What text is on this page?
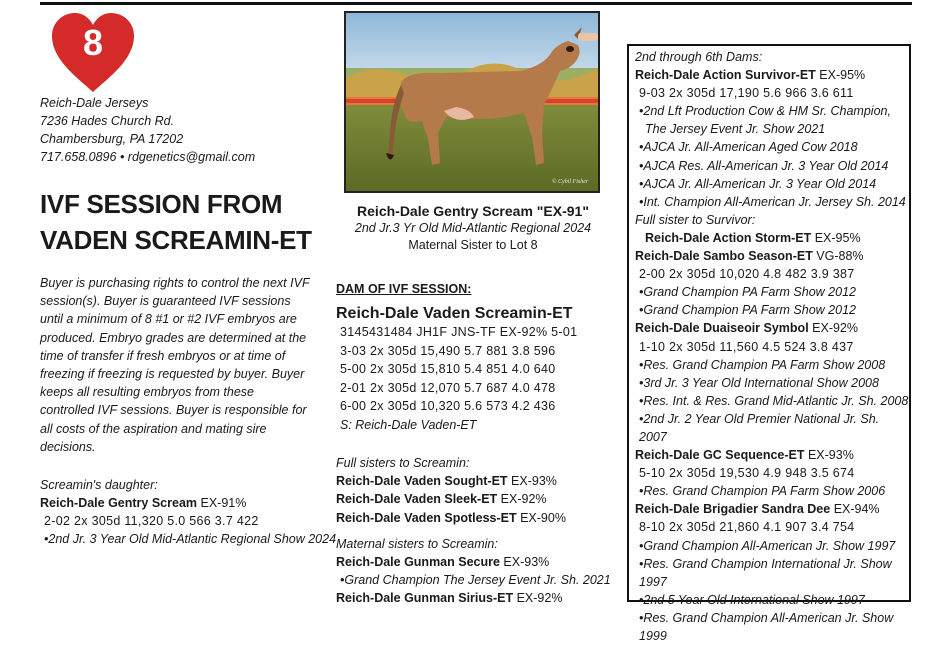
8
Reich-Dale Jerseys
7236 Hades Church Rd.
Chambersburg, PA 17202
717.658.0896 • rdgenetics@gmail.com
IVF SESSION FROM
VADEN SCREAMIN-ET
Buyer is purchasing rights to control the next IVF session(s). Buyer is guaranteed IVF sessions until a minimum of 8 #1 or #2 IVF embryos are produced. Embryo grades are determined at the time of transfer if fresh embryos or at time of freezing if freezing is requested by buyer. Buyer keeps all resulting embryos from these controlled IVF sessions. Buyer is responsible for all costs of the aspiration and mating sire decisions.
Screamin's daughter:
Reich-Dale Gentry Scream EX-91%
2-02 2x 305d 11,320 5.0 566 3.7 422
•2nd Jr. 3 Year Old Mid-Atlantic Regional Show 2024
© Cybil Fisher
Reich-Dale Gentry Scream "EX-91"
2nd Jr.3 Yr Old Mid-Atlantic Regional 2024
Maternal Sister to Lot 8
DAM OF IVF SESSION:
Reich-Dale Vaden Screamin-ET
3145431484 JH1F JNS-TF EX-92% 5-01
3-03 2x 305d 15,490 5.7 881 3.8 596
5-00 2x 305d 15,810 5.4 851 4.0 640
2-01 2x 305d 12,070 5.7 687 4.0 478
6-00 2x 305d 10,320 5.6 573 4.2 436
S: Reich-Dale Vaden-ET
Full sisters to Screamin:
Reich-Dale Vaden Sought-ET EX-93%
Reich-Dale Vaden Sleek-ET EX-92%
Reich-Dale Vaden Spotless-ET EX-90%
Maternal sisters to Screamin:
Reich-Dale Gunman Secure EX-93%
•Grand Champion The Jersey Event Jr. Sh. 2021
Reich-Dale Gunman Sirius-ET EX-92%
2nd through 6th Dams:
Reich-Dale Action Survivor-ET EX-95%
9-03 2x 305d 17,190 5.6 966 3.6 611
•2nd Lft Production Cow & HM Sr. Champion,
The Jersey Event Jr. Show 2021
•AJCA Jr. All-American Aged Cow 2018
•AJCA Res. All-American Jr. 3 Year Old 2014
•AJCA Jr. All-American Jr. 3 Year Old 2014
•Int. Champion All-American Jr. Jersey Sh. 2014
Full sister to Survivor:
Reich-Dale Action Storm-ET EX-95%
Reich-Dale Sambo Season-ET VG-88%
2-00 2x 305d 10,020 4.8 482 3.9 387
•Grand Champion PA Farm Show 2012
•Grand Champion PA Farm Show 2012
Reich-Dale Duaiseoir Symbol EX-92%
1-10 2x 305d 11,560 4.5 524 3.8 437
•Res. Grand Champion PA Farm Show 2008
•3rd Jr. 3 Year Old International Show 2008
•Res. Int. & Res. Grand Mid-Atlantic Jr. Sh. 2008
•2nd Jr. 2 Year Old Premier National Jr. Sh. 2007
Reich-Dale GC Sequence-ET EX-93%
5-10 2x 305d 19,530 4.9 948 3.5 674
•Res. Grand Champion PA Farm Show 2006
Reich-Dale Brigadier Sandra Dee EX-94%
8-10 2x 305d 21,860 4.1 907 3.4 754
•Grand Champion All-American Jr. Show 1997
•Res. Grand Champion International Jr. Show 1997
•2nd 5 Year Old International Show 1997
•Res. Grand Champion All-American Jr. Show 1999
